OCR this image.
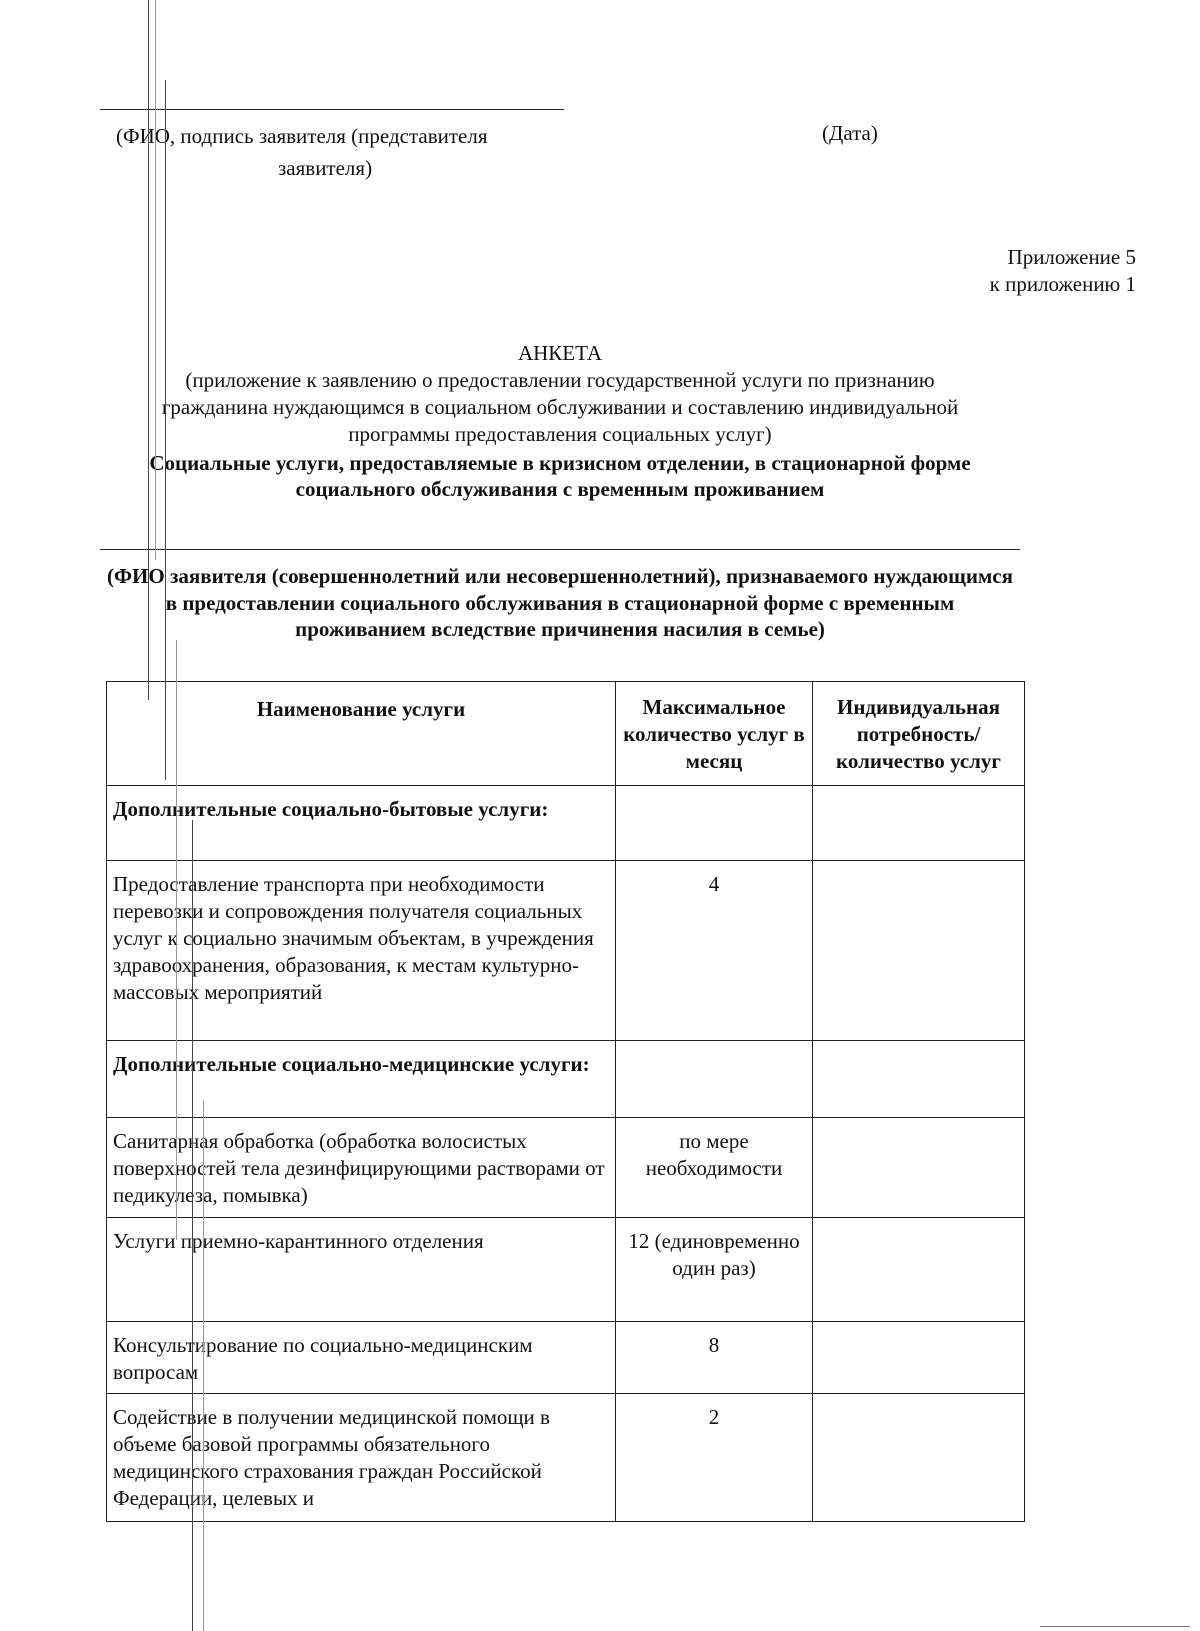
(ФИО, подпись заявителя (представителя
заявителя)
(Дата)
Приложение 5
к приложению 1
АНКЕТА
(приложение к заявлению о предоставлении государственной услуги по признанию гражданина нуждающимся в социальном обслуживании и составлению индивидуальной программы предоставления социальных услуг)
Социальные услуги, предоставляемые в кризисном отделении, в стационарной форме социального обслуживания с временным проживанием
(ФИО заявителя (совершеннолетний или несовершеннолетний), признаваемого нуждающимся в предоставлении социального обслуживания в стационарной форме с временным проживанием вследствие причинения насилия в семье)
Наименование услуги	Максимальное количество услуг в месяц	Индивидуальная потребность/количество услуг
Дополнительные социально-бытовые услуги:		
Предоставление транспорта при необходимости перевозки и сопровождения получателя социальных услуг к социально значимым объектам, в учреждения здравоохранения, образования, к местам культурно-массовых мероприятий	4	
Дополнительные социально-медицинские услуги:		
Санитарная обработка (обработка волосистых поверхностей тела дезинфицирующими растворами от педикулеза, помывка)	по мере необходимости	
Услуги приемно-карантинного отделения	12 (единовременно один раз)	
Консультирование по социально-медицинским вопросам	8	
Содействие в получении медицинской помощи в объеме базовой программы обязательного медицинского страхования граждан Российской Федерации, целевых и	2	
